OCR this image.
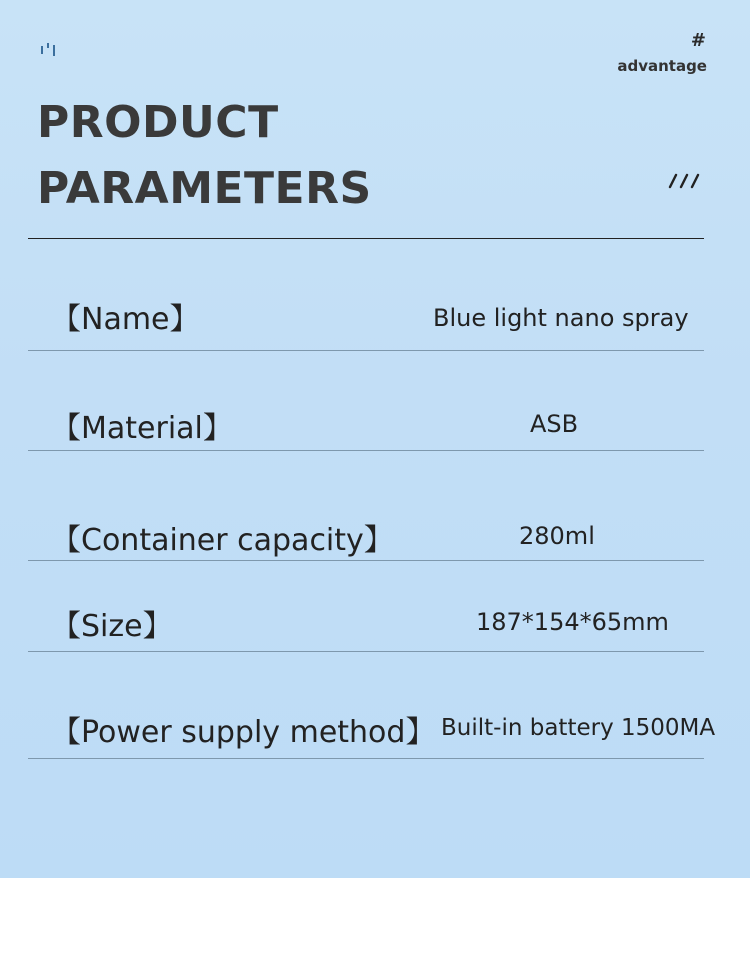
#
advantage
PRODUCT
PARAMETERS
【Name】	Blue light nano spray
【Material】	ASB
【Container capacity】	280ml
【Size】	187*154*65mm
【Power supply method】 Built-in battery 1500MA
